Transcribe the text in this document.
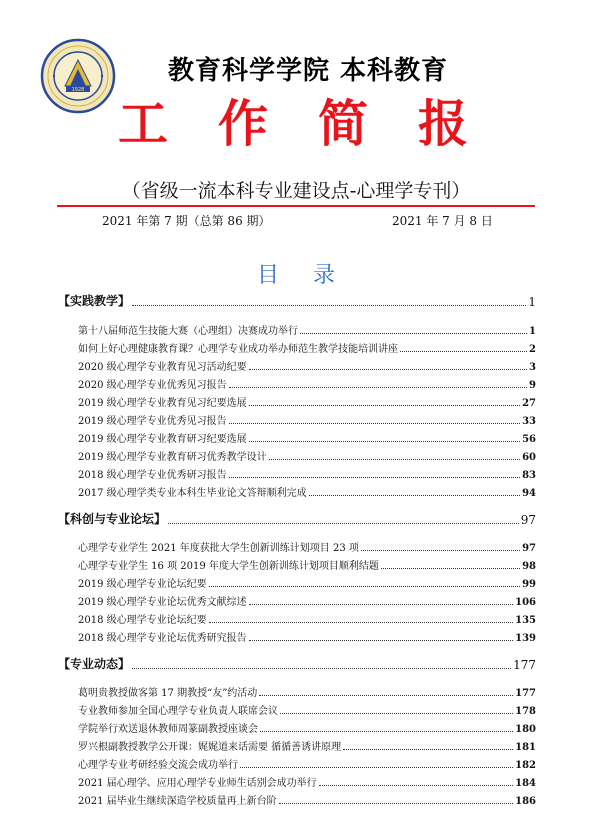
1928
教育科学学院 本科教育
工 作 简 报
（省级一流本科专业建设点-心理学专刊）
2021 年第 7 期（总第 86 期）	2021 年 7 月 8 日
目录
【实践教学】	1
第十八届师范生技能大赛（心理组）决赛成功举行	1
如何上好心理健康教育课？心理学专业成功举办师范生教学技能培训讲座	2
2020 级心理学专业教育见习活动纪要	3
2020 级心理学专业优秀见习报告	9
2019 级心理学专业教育见习纪要选展	27
2019 级心理学专业优秀见习报告	33
2019 级心理学专业教育研习纪要选展	56
2019 级心理学专业教育研习优秀教学设计	60
2018 级心理学专业优秀研习报告	83
2017 级心理学类专业本科生毕业论文答辩顺利完成	94
【科创与专业论坛】	97
心理学专业学生 2021 年度获批大学生创新训练计划项目 23 项	97
心理学专业学生 16 项 2019 年度大学生创新训练计划项目顺利结题	98
2019 级心理学专业论坛纪要	99
2019 级心理学专业论坛优秀文献综述	106
2018 级心理学专业论坛纪要	135
2018 级心理学专业论坛优秀研究报告	139
【专业动态】	177
葛明贵教授做客第 17 期教授“友”约活动	177
专业教师参加全国心理学专业负责人联席会议	178
学院举行欢送退休教师周篆副教授座谈会	180
罗兴根副教授教学公开课：娓娓道来话需要 循循善诱讲原理	181
心理学专业考研经验交流会成功举行	182
2021 届心理学、应用心理学专业师生话别会成功举行	184
2021 届毕业生继续深造学校质量再上新台阶	186
